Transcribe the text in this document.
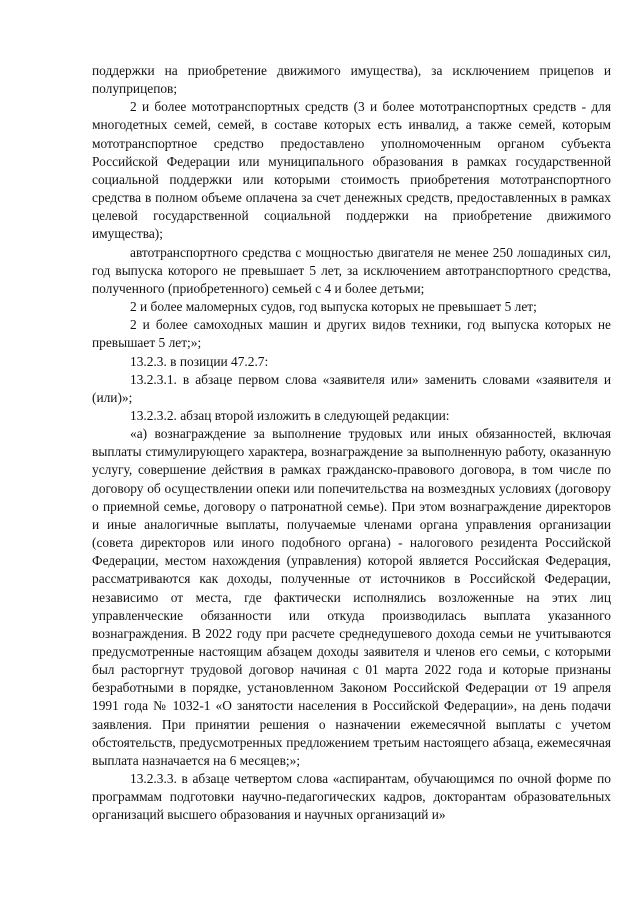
поддержки на приобретение движимого имущества), за исключением прицепов и полуприцепов;

2 и более мототранспортных средств (3 и более мототранспортных средств - для многодетных семей, семей, в составе которых есть инвалид, а также семей, которым мототранспортное средство предоставлено уполномоченным органом субъекта Российской Федерации или муниципального образования в рамках государственной социальной поддержки или которыми стоимость приобретения мототранспортного средства в полном объеме оплачена за счет денежных средств, предоставленных в рамках целевой государственной социальной поддержки на приобретение движимого имущества);

автотранспортного средства с мощностью двигателя не менее 250 лошадиных сил, год выпуска которого не превышает 5 лет, за исключением автотранспортного средства, полученного (приобретенного) семьей с 4 и более детьми;

2 и более маломерных судов, год выпуска которых не превышает 5 лет;

2 и более самоходных машин и других видов техники, год выпуска которых не превышает 5 лет;»;

13.2.3. в позиции 47.2.7:

13.2.3.1. в абзаце первом слова «заявителя или» заменить словами «заявителя и (или)»;

13.2.3.2. абзац второй изложить в следующей редакции:

«а) вознаграждение за выполнение трудовых или иных обязанностей, включая выплаты стимулирующего характера, вознаграждение за выполненную работу, оказанную услугу, совершение действия в рамках гражданско-правового договора, в том числе по договору об осуществлении опеки или попечительства на возмездных условиях (договору о приемной семье, договору о патронатной семье). При этом вознаграждение директоров и иные аналогичные выплаты, получаемые членами органа управления организации (совета директоров или иного подобного органа) - налогового резидента Российской Федерации, местом нахождения (управления) которой является Российская Федерация, рассматриваются как доходы, полученные от источников в Российской Федерации, независимо от места, где фактически исполнялись возложенные на этих лиц управленческие обязанности или откуда производилась выплата указанного вознаграждения. В 2022 году при расчете среднедушевого дохода семьи не учитываются предусмотренные настоящим абзацем доходы заявителя и членов его семьи, с которыми был расторгнут трудовой договор начиная с 01 марта 2022 года и которые признаны безработными в порядке, установленном Законом Российской Федерации от 19 апреля 1991 года № 1032-1 «О занятости населения в Российской Федерации», на день подачи заявления. При принятии решения о назначении ежемесячной выплаты с учетом обстоятельств, предусмотренных предложением третьим настоящего абзаца, ежемесячная выплата назначается на 6 месяцев;»;

13.2.3.3. в абзаце четвертом слова «аспирантам, обучающимся по очной форме по программам подготовки научно-педагогических кадров, докторантам образовательных организаций высшего образования и научных организаций и»
